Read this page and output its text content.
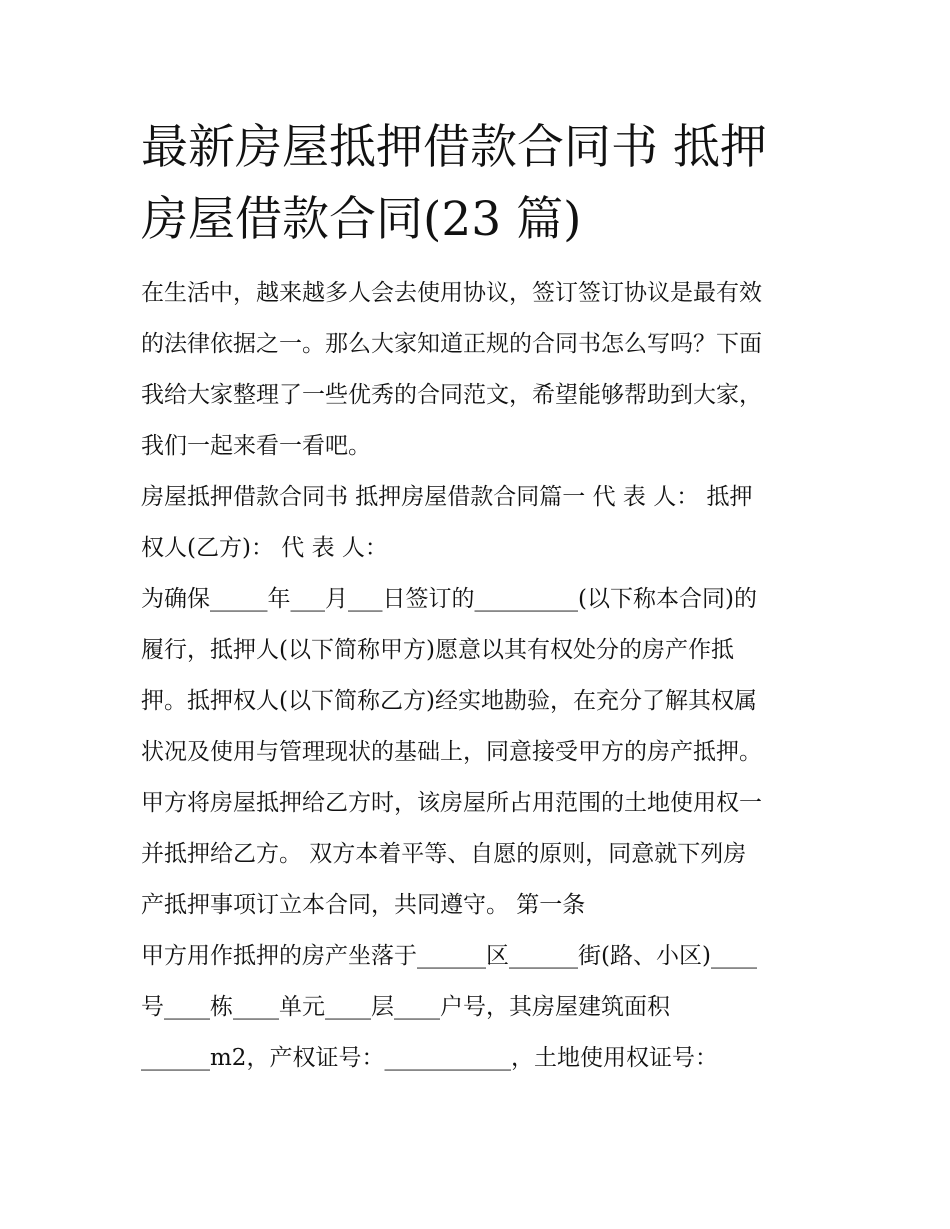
最新房屋抵押借款合同书 抵押
房屋借款合同(23 篇)

在生活中，越来越多人会去使用协议，签订签订协议是最有效

的法律依据之一。那么大家知道正规的合同书怎么写吗？下面

我给大家整理了一些优秀的合同范文，希望能够帮助到大家，

我们一起来看一看吧。

房屋抵押借款合同书 抵押房屋借款合同篇一 代 表 人： 抵押

权人(乙方)： 代 表 人：

为确保_____年___月___日签订的_________(以下称本合同)的

履行，抵押人(以下简称甲方)愿意以其有权处分的房产作抵

押。抵押权人(以下简称乙方)经实地勘验，在充分了解其权属

状况及使用与管理现状的基础上，同意接受甲方的房产抵押。

甲方将房屋抵押给乙方时，该房屋所占用范围的土地使用权一

并抵押给乙方。 双方本着平等、自愿的原则，同意就下列房

产抵押事项订立本合同，共同遵守。 第一条

甲方用作抵押的房产坐落于______区______街(路、小区)____

号____栋____单元____层____户号，其房屋建筑面积

______m2，产权证号：___________，土地使用权证号：
